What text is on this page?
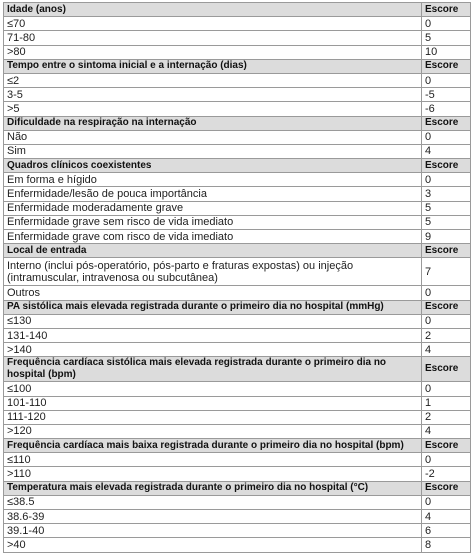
Idade (anos)	Escore
≤70	0
71-80	5
>80	10
Tempo entre o sintoma inicial e a internação (dias)	Escore
≤2	0
3-5	-5
>5	-6
Dificuldade na respiração na internação	Escore
Não	0
Sim	4
Quadros clínicos coexistentes	Escore
Em forma e hígido	0
Enfermidade/lesão de pouca importância	3
Enfermidade moderadamente grave	5
Enfermidade grave sem risco de vida imediato	5
Enfermidade grave com risco de vida imediato	9
Local de entrada	Escore
Interno (inclui pós-operatório, pós-parto e fraturas expostas) ou injeção (intramuscular, intravenosa ou subcutânea)	7
Outros	0
PA sistólica mais elevada registrada durante o primeiro dia no hospital (mmHg)	Escore
≤130	0
131-140	2
>140	4
Frequência cardíaca sistólica mais elevada registrada durante o primeiro dia no hospital (bpm)	Escore
≤100	0
101-110	1
111-120	2
>120	4
Frequência cardíaca mais baixa registrada durante o primeiro dia no hospital (bpm)	Escore
≤110	0
>110	-2
Temperatura mais elevada registrada durante o primeiro dia no hospital (°C)	Escore
≤38.5	0
38.6-39	4
39.1-40	6
>40	8
